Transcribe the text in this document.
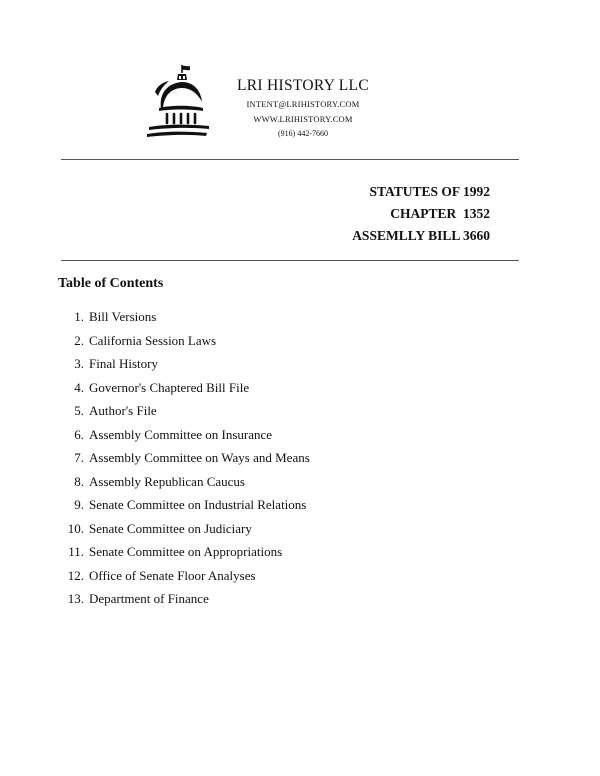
LRI HISTORY LLC
INTENT@LRIHISTORY.COM
WWW.LRIHISTORY.COM
(916) 442-7660
STATUTES OF 1992
CHAPTER  1352
ASSEMLLY BILL 3660
Table of Contents
1. Bill Versions
2. California Session Laws
3. Final History
4. Governor's Chaptered Bill File
5. Author's File
6. Assembly Committee on Insurance
7. Assembly Committee on Ways and Means
8. Assembly Republican Caucus
9. Senate Committee on Industrial Relations
10. Senate Committee on Judiciary
11. Senate Committee on Appropriations
12. Office of Senate Floor Analyses
13. Department of Finance
